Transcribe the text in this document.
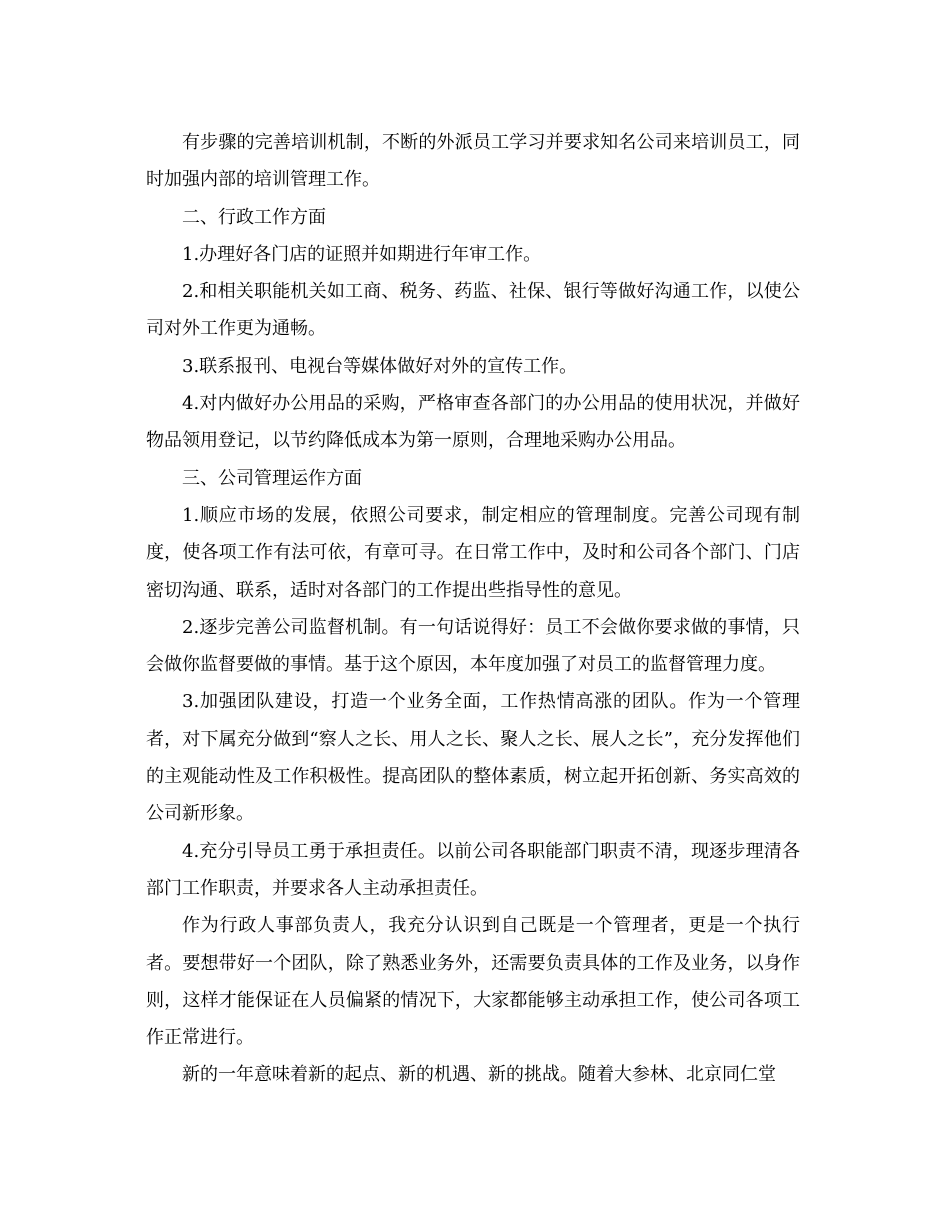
有步骤的完善培训机制，不断的外派员工学习并要求知名公司来培训员工，同时加强内部的培训管理工作。

二、行政工作方面

1.办理好各门店的证照并如期进行年审工作。

2.和相关职能机关如工商、税务、药监、社保、银行等做好沟通工作，以使公司对外工作更为通畅。

3.联系报刊、电视台等媒体做好对外的宣传工作。

4.对内做好办公用品的采购，严格审查各部门的办公用品的使用状况，并做好物品领用登记，以节约降低成本为第一原则，合理地采购办公用品。

三、公司管理运作方面

1.顺应市场的发展，依照公司要求，制定相应的管理制度。完善公司现有制度，使各项工作有法可依，有章可寻。在日常工作中，及时和公司各个部门、门店密切沟通、联系，适时对各部门的工作提出些指导性的意见。

2.逐步完善公司监督机制。有一句话说得好：员工不会做你要求做的事情，只会做你监督要做的事情。基于这个原因，本年度加强了对员工的监督管理力度。

3.加强团队建设，打造一个业务全面，工作热情高涨的团队。作为一个管理者，对下属充分做到“察人之长、用人之长、聚人之长、展人之长”，充分发挥他们的主观能动性及工作积极性。提高团队的整体素质，树立起开拓创新、务实高效的公司新形象。

4.充分引导员工勇于承担责任。以前公司各职能部门职责不清，现逐步理清各部门工作职责，并要求各人主动承担责任。

作为行政人事部负责人，我充分认识到自己既是一个管理者，更是一个执行者。要想带好一个团队，除了熟悉业务外，还需要负责具体的工作及业务，以身作则，这样才能保证在人员偏紧的情况下，大家都能够主动承担工作，使公司各项工作正常进行。

新的一年意味着新的起点、新的机遇、新的挑战。随着大参林、北京同仁堂
